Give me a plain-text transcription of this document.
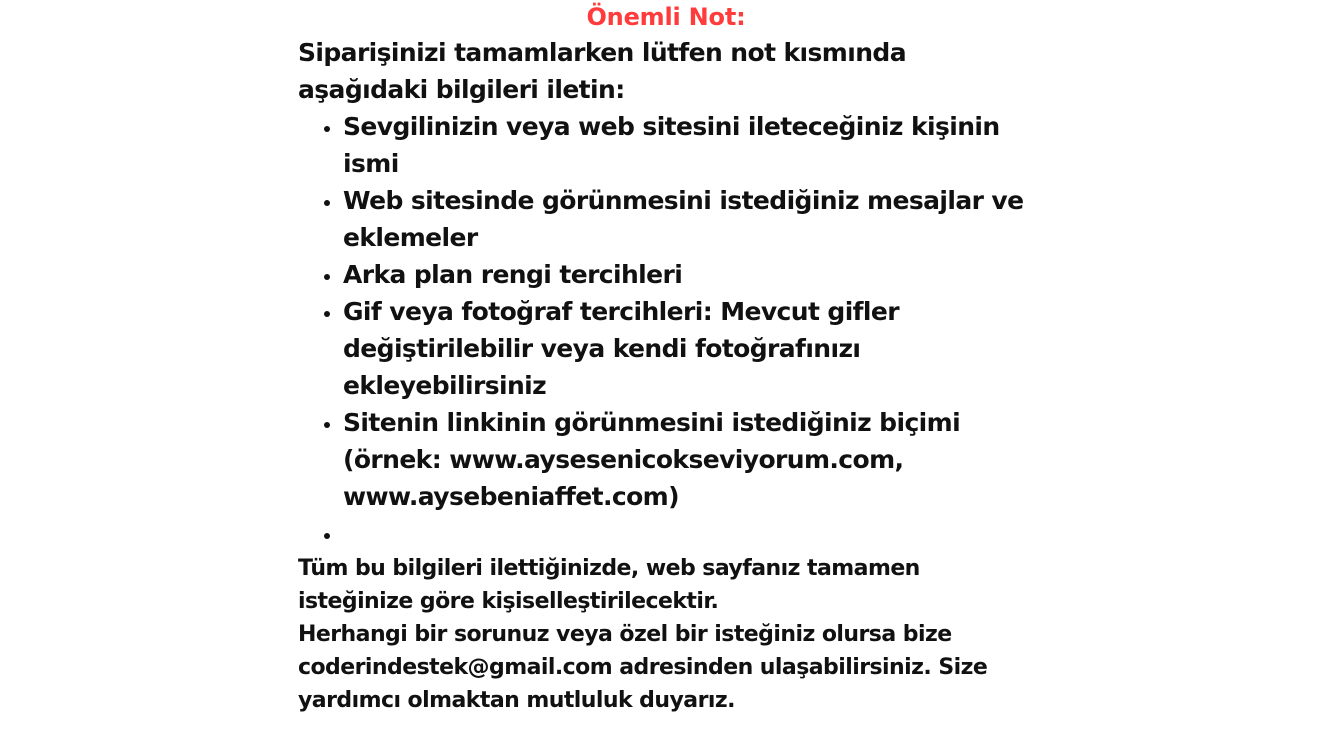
Önemli Not:

Siparişinizi tamamlarken lütfen not kısmında aşağıdaki bilgileri iletin:

• Sevgilinizin veya web sitesini ileteceğiniz kişinin ismi
• Web sitesinde görünmesini istediğiniz mesajlar ve eklemeler
• Arka plan rengi tercihleri
• Gif veya fotoğraf tercihleri: Mevcut gifler değiştirilebilir veya kendi fotoğrafınızı ekleyebilirsiniz
• Sitenin linkinin görünmesini istediğiniz biçimi (örnek: www.aysesenicokseviyorum.com, www.aysebeniaffet.com)
•

Tüm bu bilgileri ilettiğinizde, web sayfanız tamamen isteğinize göre kişiselleştirilecektir.
Herhangi bir sorunuz veya özel bir isteğiniz olursa bize coderindestek@gmail.com adresinden ulaşabilirsiniz. Size yardımcı olmaktan mutluluk duyarız.
